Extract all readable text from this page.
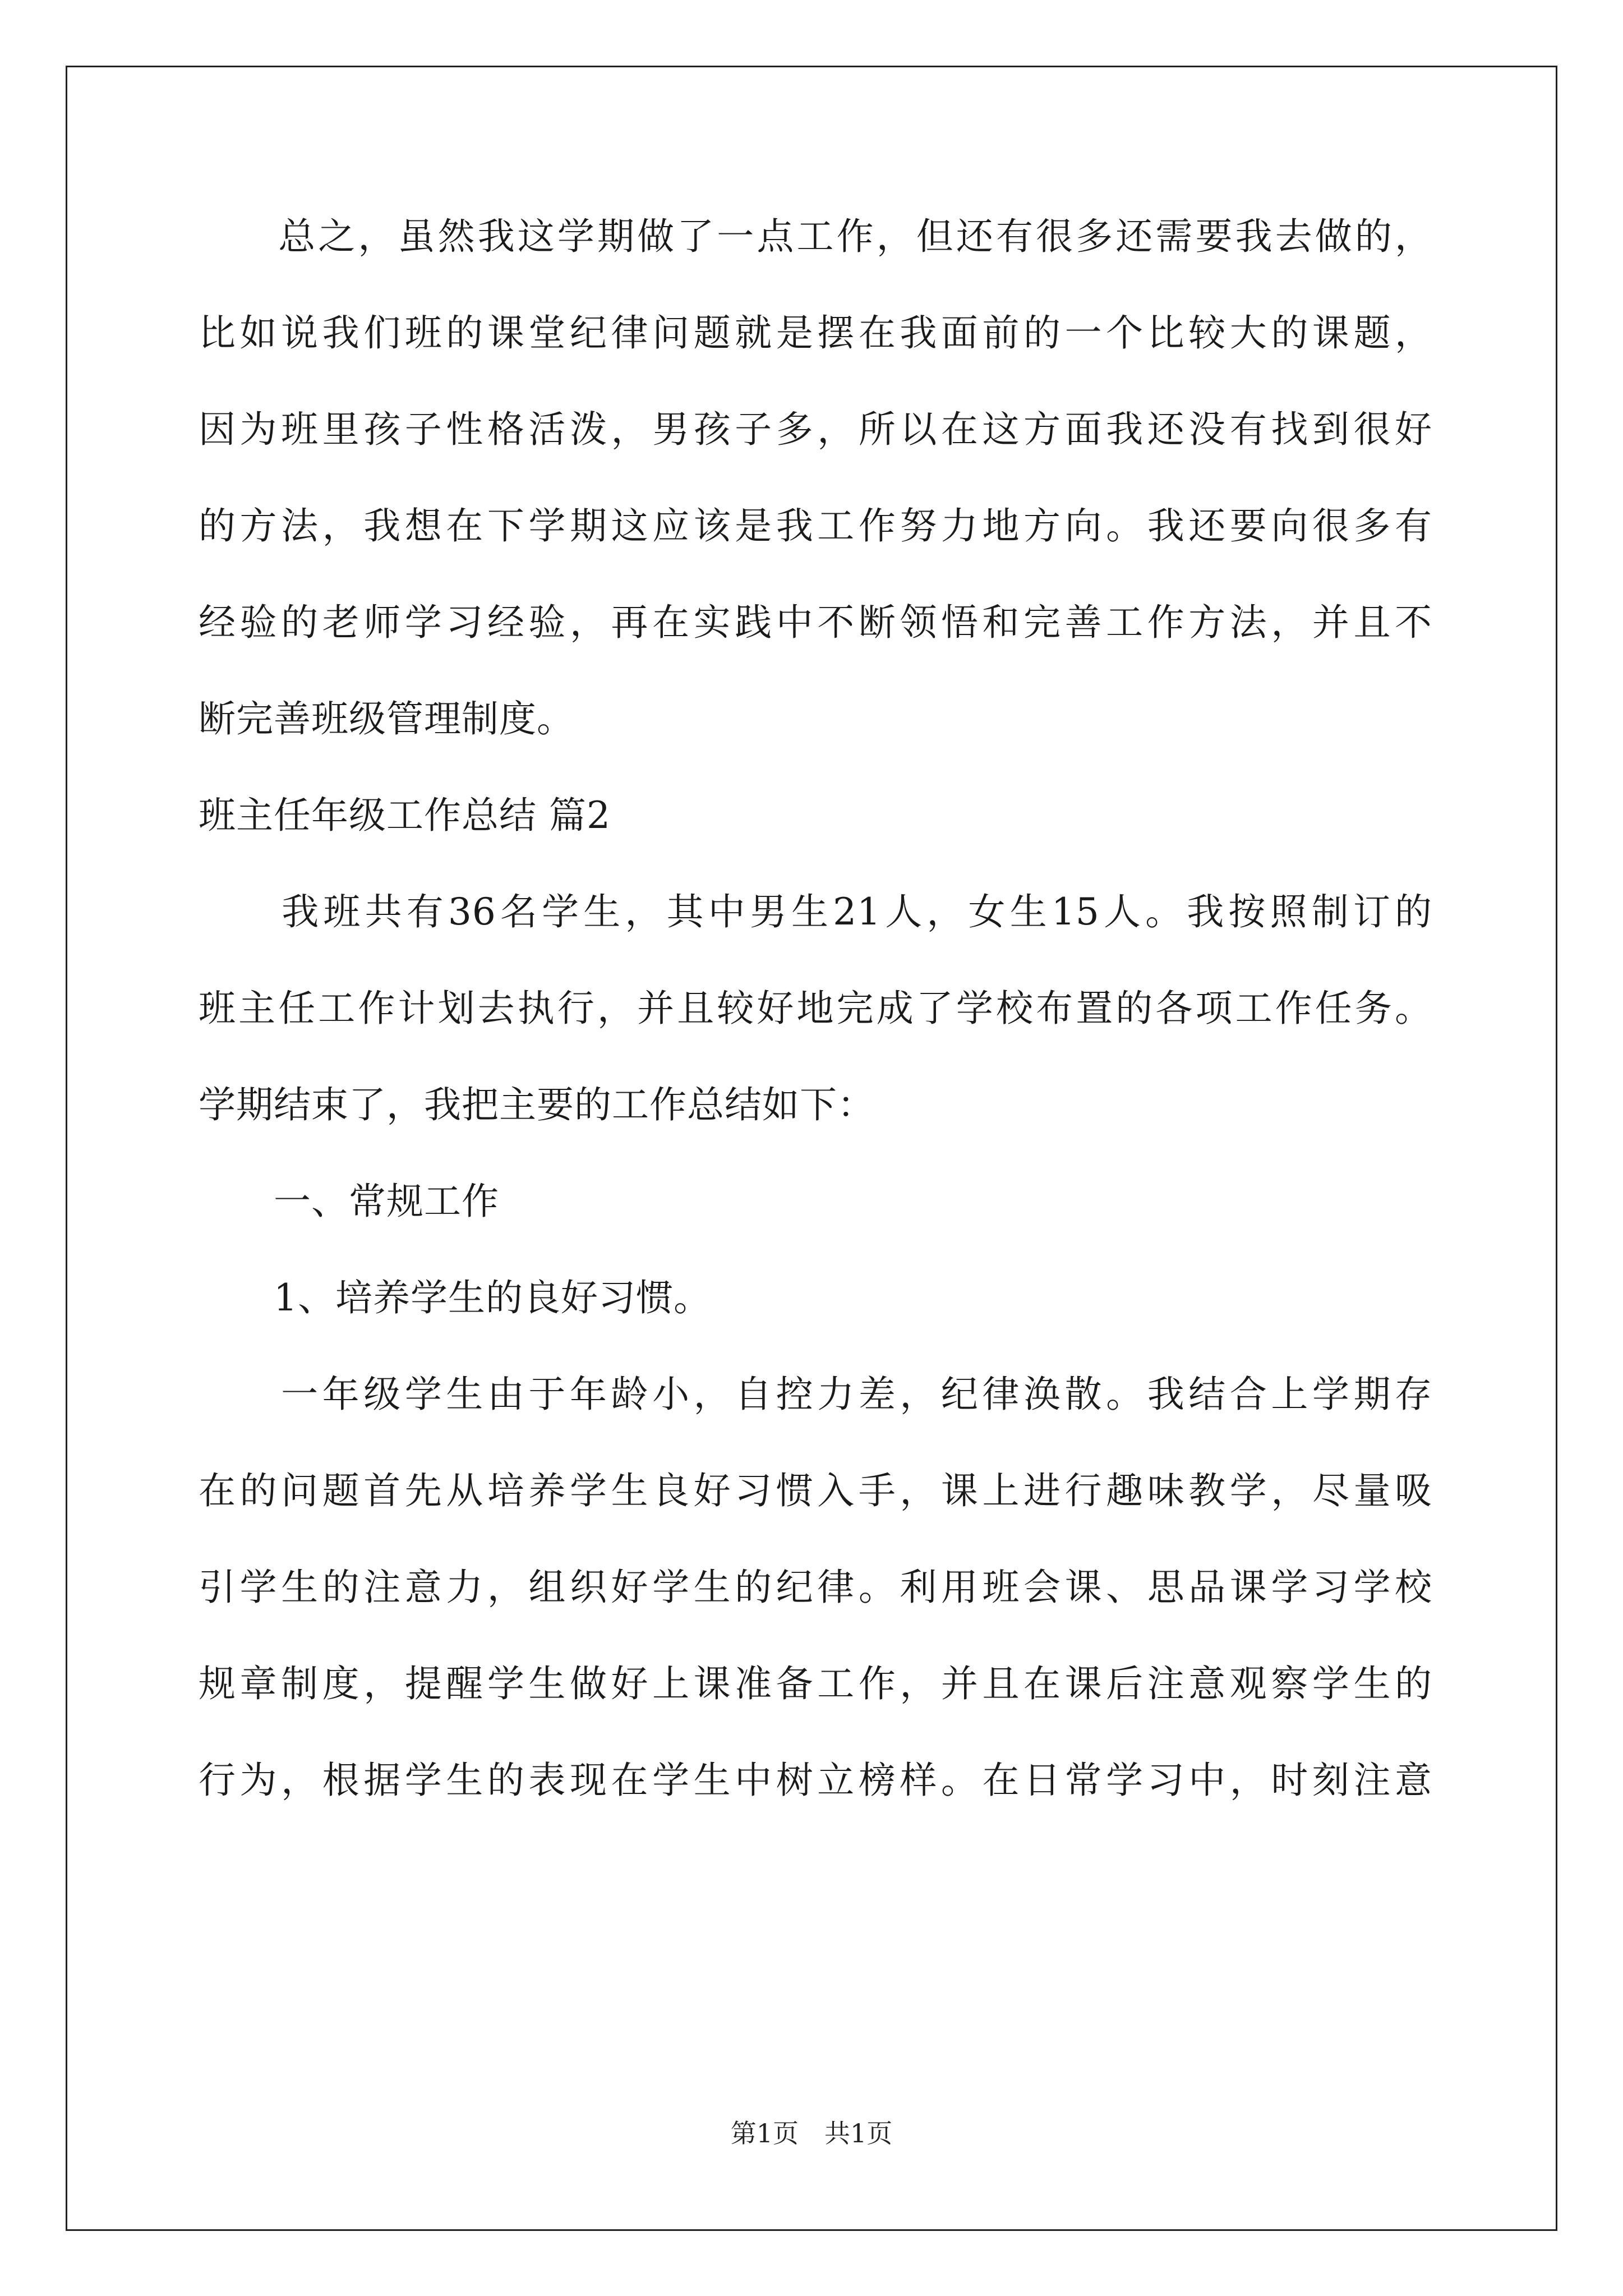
　　总之，虽然我这学期做了一点工作，但还有很多还需要我去做的，
比如说我们班的课堂纪律问题就是摆在我面前的一个比较大的课题，
因为班里孩子性格活泼，男孩子多，所以在这方面我还没有找到很好
的方法，我想在下学期这应该是我工作努力地方向。我还要向很多有
经验的老师学习经验，再在实践中不断领悟和完善工作方法，并且不
断完善班级管理制度。
班主任年级工作总结 篇2
　　我班共有36名学生，其中男生21人，女生15人。我按照制订的
班主任工作计划去执行，并且较好地完成了学校布置的各项工作任务。
学期结束了，我把主要的工作总结如下：
　　一、常规工作
　　1、培养学生的良好习惯。
　　一年级学生由于年龄小，自控力差，纪律涣散。我结合上学期存
在的问题首先从培养学生良好习惯入手，课上进行趣味教学，尽量吸
引学生的注意力，组织好学生的纪律。利用班会课、思品课学习学校
规章制度，提醒学生做好上课准备工作，并且在课后注意观察学生的
行为，根据学生的表现在学生中树立榜样。在日常学习中，时刻注意
第1页　共1页
